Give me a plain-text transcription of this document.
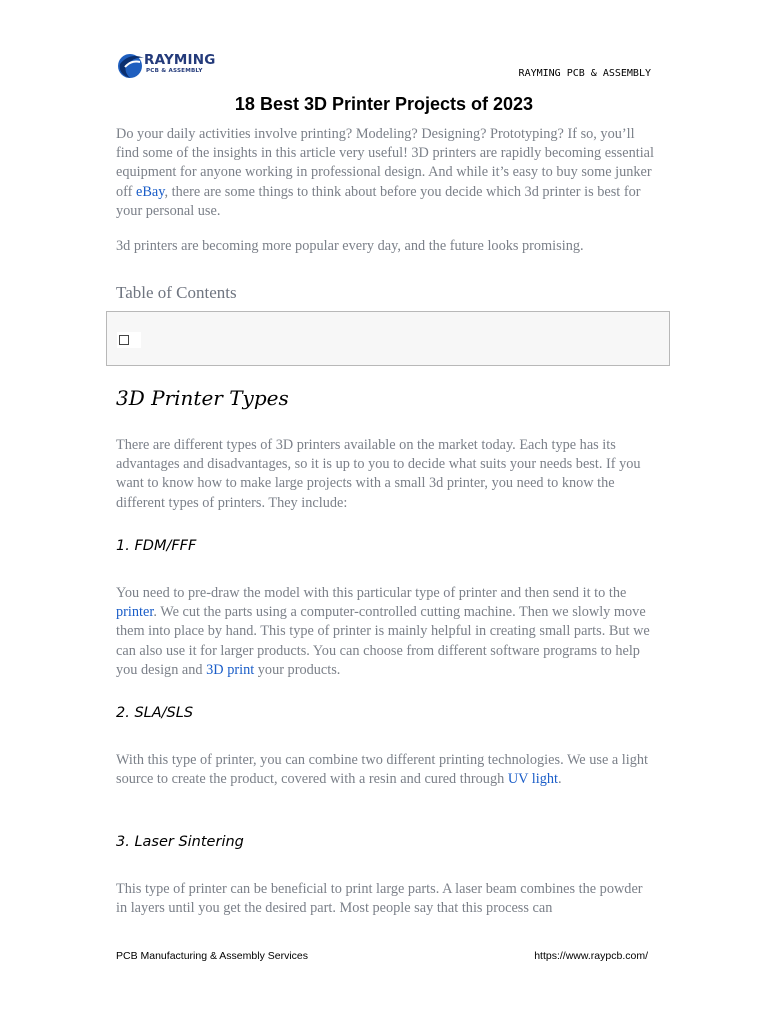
RAYMING
PCB & ASSEMBLY	RAYMING PCB & ASSEMBLY
18 Best 3D Printer Projects of 2023
Do your daily activities involve printing? Modeling? Designing? Prototyping? If so, you’ll find some of the insights in this article very useful! 3D printers are rapidly becoming essential equipment for anyone working in professional design. And while it’s easy to buy some junker off eBay, there are some things to think about before you decide which 3d printer is best for your personal use.
3d printers are becoming more popular every day, and the future looks promising.
Table of Contents
3D Printer Types
There are different types of 3D printers available on the market today. Each type has its advantages and disadvantages, so it is up to you to decide what suits your needs best. If you want to know how to make large projects with a small 3d printer, you need to know the different types of printers. They include:
1. FDM/FFF
You need to pre-draw the model with this particular type of printer and then send it to the printer. We cut the parts using a computer-controlled cutting machine. Then we slowly move them into place by hand. This type of printer is mainly helpful in creating small parts. But we can also use it for larger products. You can choose from different software programs to help you design and 3D print your products.
2. SLA/SLS
With this type of printer, you can combine two different printing technologies. We use a light source to create the product, covered with a resin and cured through UV light.
3. Laser Sintering
This type of printer can be beneficial to print large parts. A laser beam combines the powder in layers until you get the desired part. Most people say that this process can
PCB Manufacturing & Assembly Services	https://www.raypcb.com/
